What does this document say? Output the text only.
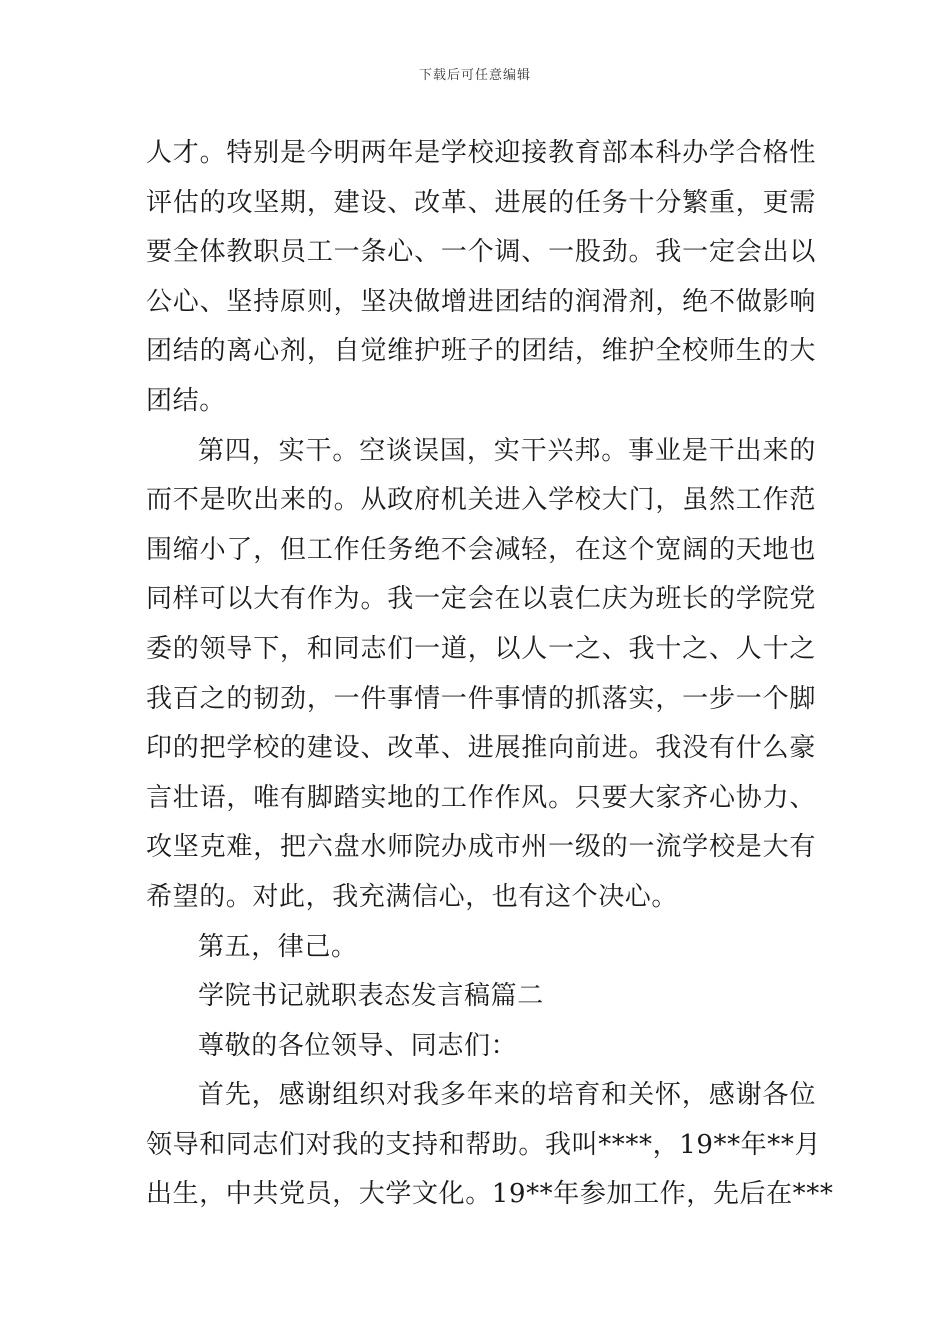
下载后可任意编辑
人才。特别是今明两年是学校迎接教育部本科办学合格性
评估的攻坚期，建设、改革、进展的任务十分繁重，更需
要全体教职员工一条心、一个调、一股劲。我一定会出以
公心、坚持原则，坚决做增进团结的润滑剂，绝不做影响
团结的离心剂，自觉维护班子的团结，维护全校师生的大
团结。
第四，实干。空谈误国，实干兴邦。事业是干出来的
而不是吹出来的。从政府机关进入学校大门，虽然工作范
围缩小了，但工作任务绝不会减轻，在这个宽阔的天地也
同样可以大有作为。我一定会在以袁仁庆为班长的学院党
委的领导下，和同志们一道，以人一之、我十之、人十之
我百之的韧劲，一件事情一件事情的抓落实，一步一个脚
印的把学校的建设、改革、进展推向前进。我没有什么豪
言壮语，唯有脚踏实地的工作作风。只要大家齐心协力、
攻坚克难，把六盘水师院办成市州一级的一流学校是大有
希望的。对此，我充满信心，也有这个决心。
第五，律己。
学院书记就职表态发言稿篇二
尊敬的各位领导、同志们：
首先，感谢组织对我多年来的培育和关怀，感谢各位
领导和同志们对我的支持和帮助。我叫****，19**年**月
出生，中共党员，大学文化。19**年参加工作，先后在***
